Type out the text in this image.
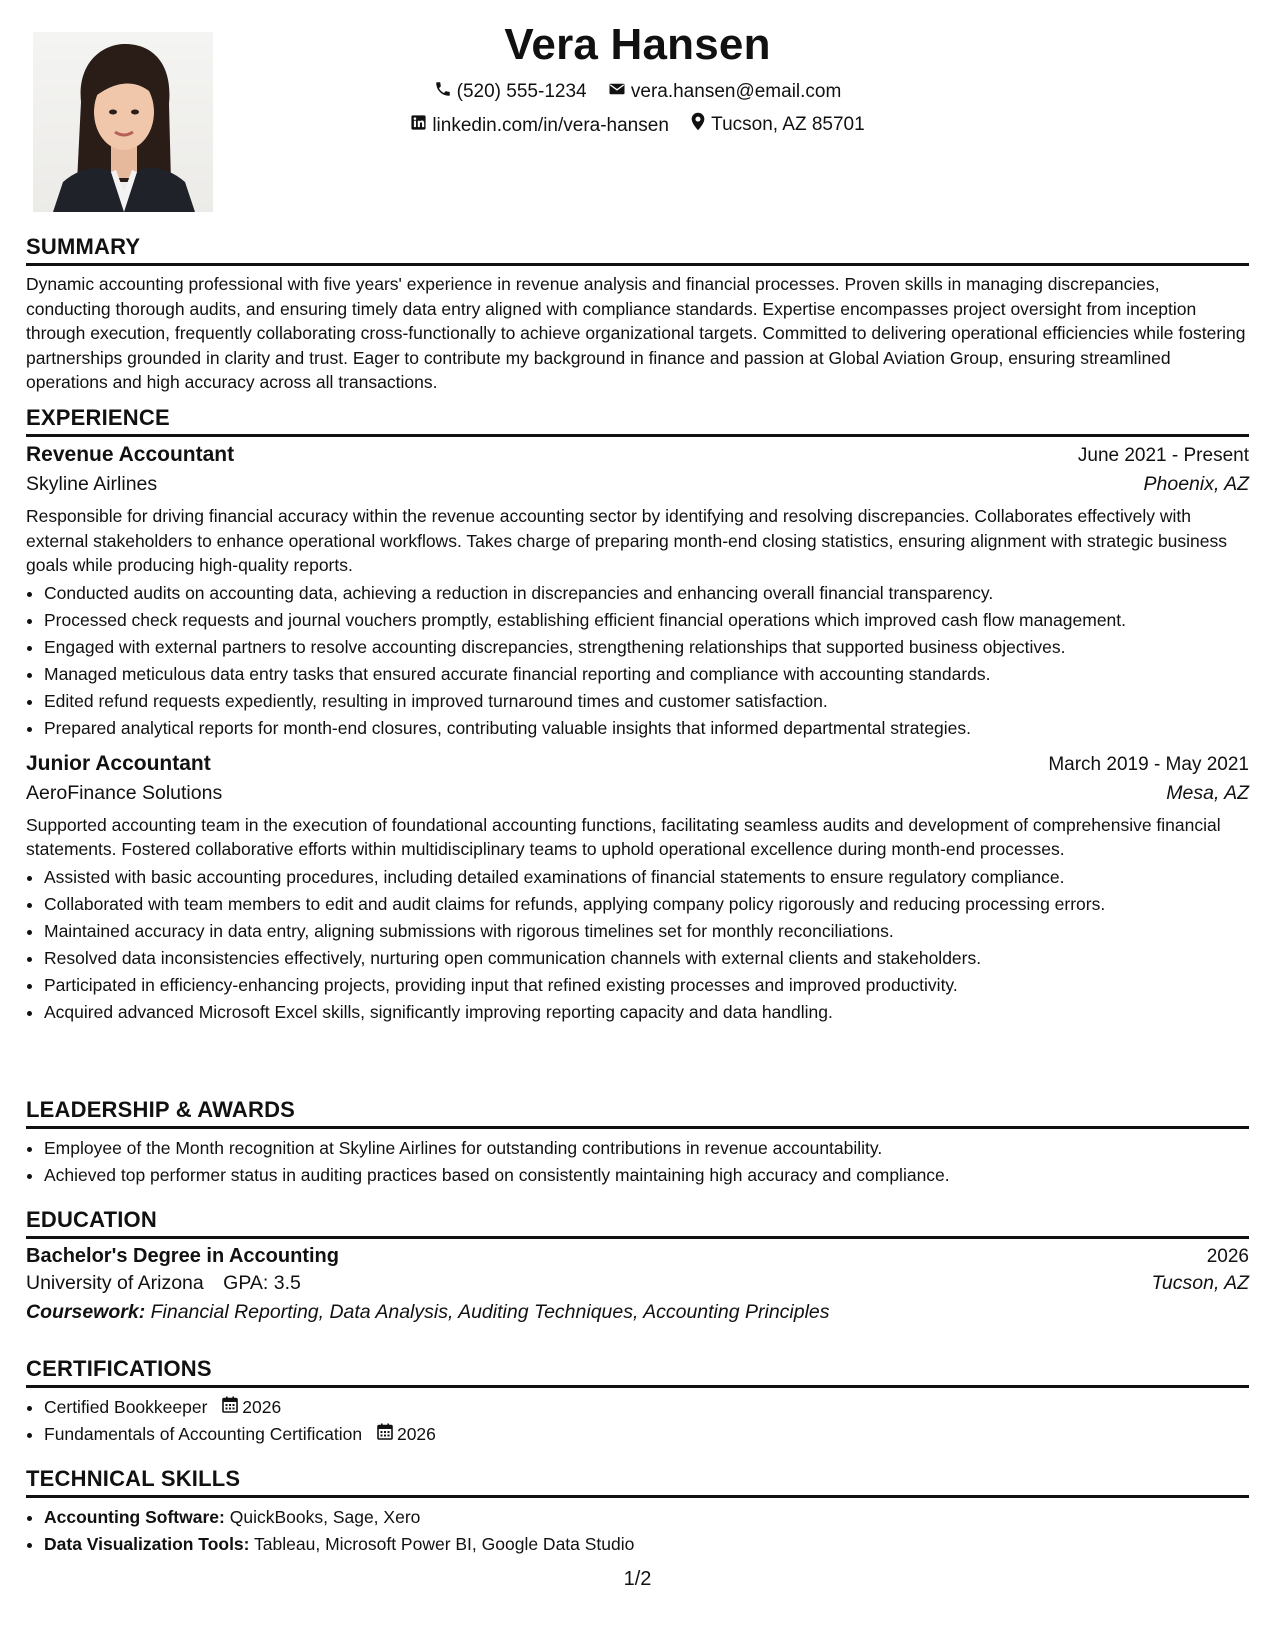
Vera Hansen
(520) 555-1234
vera.hansen@email.com
linkedin.com/in/vera-hansen
Tucson, AZ 85701
SUMMARY

Dynamic accounting professional with five years' experience in revenue analysis and financial processes. Proven skills in managing discrepancies, conducting thorough audits, and ensuring timely data entry aligned with compliance standards. Expertise encompasses project oversight from inception through execution, frequently collaborating cross-functionally to achieve organizational targets. Committed to delivering operational efficiencies while fostering partnerships grounded in clarity and trust. Eager to contribute my background in finance and passion at Global Aviation Group, ensuring streamlined operations and high accuracy across all transactions.

EXPERIENCE
Revenue Accountant	June 2021 - Present
Skyline Airlines	Phoenix, AZ

Responsible for driving financial accuracy within the revenue accounting sector by identifying and resolving discrepancies. Collaborates effectively with external stakeholders to enhance operational workflows. Takes charge of preparing month-end closing statistics, ensuring alignment with strategic business goals while producing high-quality reports.

• Conducted audits on accounting data, achieving a reduction in discrepancies and enhancing overall financial transparency.
• Processed check requests and journal vouchers promptly, establishing efficient financial operations which improved cash flow management.
• Engaged with external partners to resolve accounting discrepancies, strengthening relationships that supported business objectives.
• Managed meticulous data entry tasks that ensured accurate financial reporting and compliance with accounting standards.
• Edited refund requests expediently, resulting in improved turnaround times and customer satisfaction.
• Prepared analytical reports for month-end closures, contributing valuable insights that informed departmental strategies.
Junior Accountant	March 2019 - May 2021
AeroFinance Solutions	Mesa, AZ

Supported accounting team in the execution of foundational accounting functions, facilitating seamless audits and development of comprehensive financial statements. Fostered collaborative efforts within multidisciplinary teams to uphold operational excellence during month-end processes.

• Assisted with basic accounting procedures, including detailed examinations of financial statements to ensure regulatory compliance.
• Collaborated with team members to edit and audit claims for refunds, applying company policy rigorously and reducing processing errors.
• Maintained accuracy in data entry, aligning submissions with rigorous timelines set for monthly reconciliations.
• Resolved data inconsistencies effectively, nurturing open communication channels with external clients and stakeholders.
• Participated in efficiency-enhancing projects, providing input that refined existing processes and improved productivity.
• Acquired advanced Microsoft Excel skills, significantly improving reporting capacity and data handling.
LEADERSHIP & AWARDS
• Employee of the Month recognition at Skyline Airlines for outstanding contributions in revenue accountability.
• Achieved top performer status in auditing practices based on consistently maintaining high accuracy and compliance.
EDUCATION
Bachelor's Degree in Accounting	2026
University of Arizona GPA: 3.5	Tucson, AZ
Coursework: Financial Reporting, Data Analysis, Auditing Techniques, Accounting Principles
CERTIFICATIONS
• Certified Bookkeeper 2026
• Fundamentals of Accounting Certification 2026
TECHNICAL SKILLS
• Accounting Software: QuickBooks, Sage, Xero
• Data Visualization Tools: Tableau, Microsoft Power BI, Google Data Studio
1/2
